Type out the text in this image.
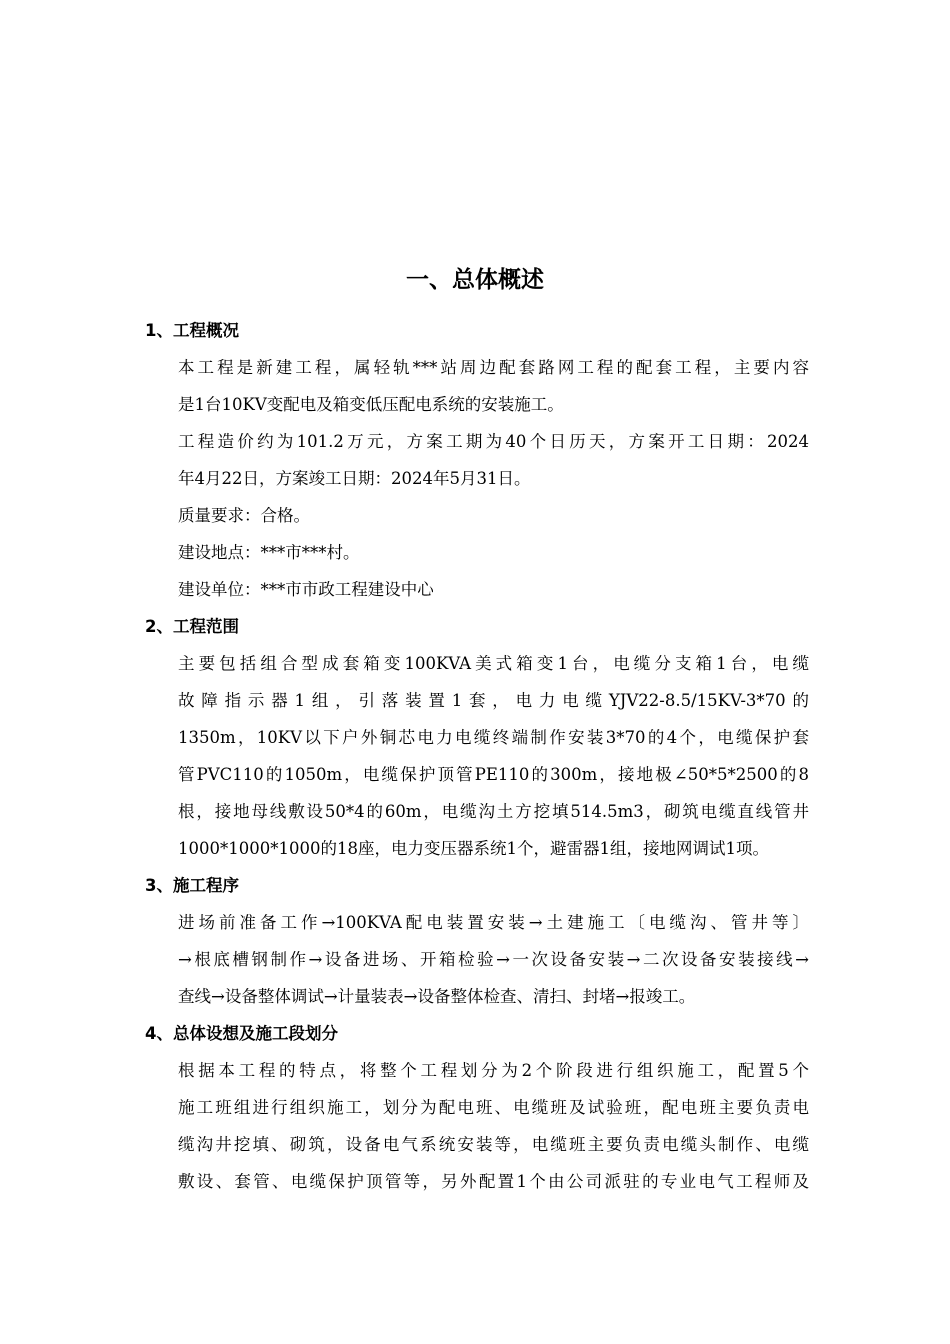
一、总体概述
1、工程概况
本工程是新建工程，属轻轨***站周边配套路网工程的配套工程，主要内容
是1台10KV变配电及箱变低压配电系统的安装施工。
工程造价约为101.2万元，方案工期为40个日历天，方案开工日期：2024
年4月22日，方案竣工日期：2024年5月31日。
质量要求：合格。
建设地点：***市***村。
建设单位：***市市政工程建设中心
2、工程范围
主要包括组合型成套箱变100KVA美式箱变1台，电缆分支箱1台，电缆
故障指示器1组，引落装置1套，电力电缆YJV22-8.5/15KV-3*70的
1350m，10KV以下户外铜芯电力电缆终端制作安装3*70的4个，电缆保护套
管PVC110的1050m，电缆保护顶管PE110的300m，接地极∠50*5*2500的8
根，接地母线敷设50*4的60m，电缆沟土方挖填514.5m3，砌筑电缆直线管井
1000*1000*1000的18座，电力变压器系统1个，避雷器1组，接地网调试1项。
3、施工程序
进场前准备工作→100KVA配电装置安装→土建施工〔电缆沟、管井等〕
→根底槽钢制作→设备进场、开箱检验→一次设备安装→二次设备安装接线→
查线→设备整体调试→计量装表→设备整体检查、清扫、封堵→报竣工。
4、总体设想及施工段划分
根据本工程的特点，将整个工程划分为2个阶段进行组织施工，配置5个
施工班组进行组织施工，划分为配电班、电缆班及试验班，配电班主要负责电
缆沟井挖填、砌筑，设备电气系统安装等，电缆班主要负责电缆头制作、电缆
敷设、套管、电缆保护顶管等，另外配置1个由公司派驻的专业电气工程师及
